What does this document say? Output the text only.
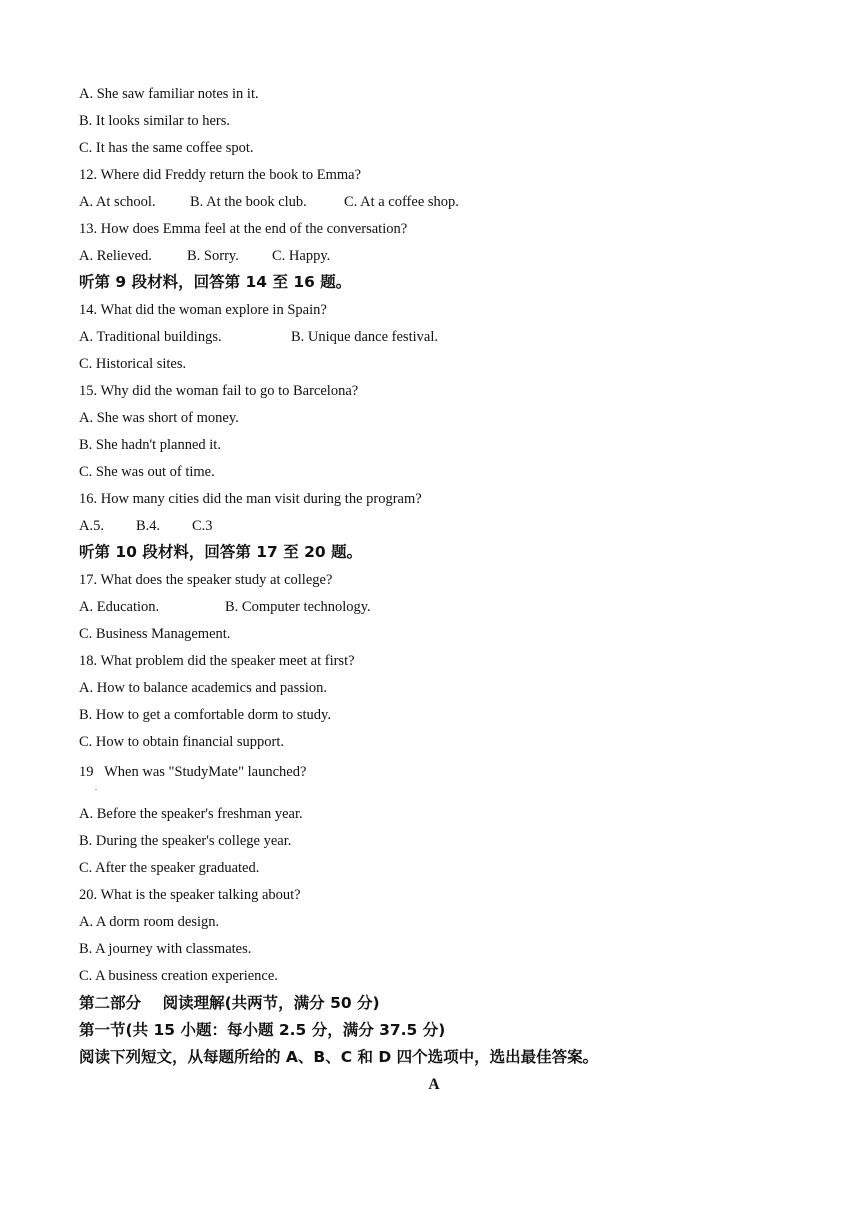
A. She saw familiar notes in it.
B. It looks similar to hers.
C. It has the same coffee spot.
12. Where did Freddy return the book to Emma?
A. At school. B. At the book club.	C. At a coffee shop.
13. How does Emma feel at the end of the conversation?
A. Relieved. B. Sorry. C. Happy.
听第 9 段材料，回答第 14 至 16 题。
14. What did the woman explore in Spain?
A. Traditional buildings.	B. Unique dance festival.
C. Historical sites.
15. Why did the woman fail to go to Barcelona?
A. She was short of money.
B. She hadn't planned it.
C. She was out of time.
16. How many cities did the man visit during the program?
A.5. B.4. C.3
听第 10 段材料，回答第 17 至 20 题。
17. What does the speaker study at college?
A. Education.	B. Computer technology.
C. Business Management.
18. What problem did the speaker meet at first?
A. How to balance academics and passion.
B. How to get a comfortable dorm to study.
C. How to obtain financial support.
19   When was "StudyMate" launched?
.
A. Before the speaker's freshman year.
B. During the speaker's college year.
C. After the speaker graduated.
20. What is the speaker talking about?
A. A dorm room design.
B. A journey with classmates.
C. A business creation experience.
第二部分    阅读理解(共两节，满分 50 分)
第一节(共 15 小题：每小题 2.5 分，满分 37.5 分)
阅读下列短文，从每题所给的 A、B、C 和 D 四个选项中，选出最佳答案。
A
